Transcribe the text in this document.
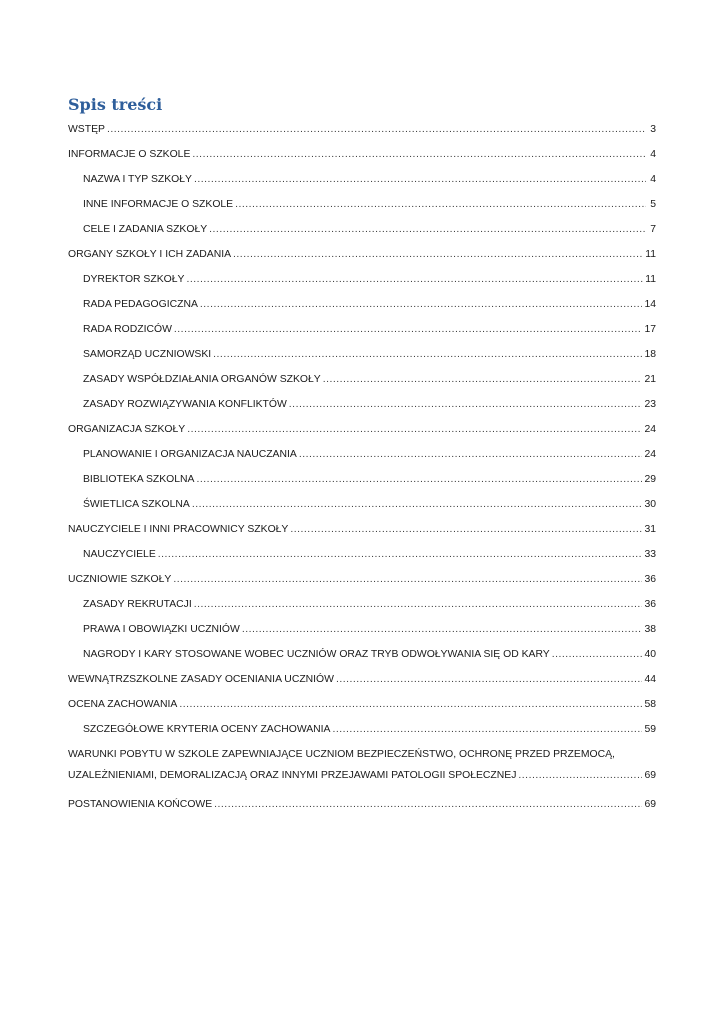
Spis treści
WSTĘP .....	3
INFORMACJE O SZKOLE .....	4
NAZWA I TYP SZKOŁY .....	4
INNE INFORMACJE O SZKOLE .....	5
CELE I ZADANIA SZKOŁY .....	7
ORGANY SZKOŁY I ICH ZADANIA .....	11
DYREKTOR SZKOŁY .....	11
RADA PEDAGOGICZNA .....	14
RADA RODZICÓW .....	17
SAMORZĄD UCZNIOWSKI .....	18
ZASADY WSPÓŁDZIAŁANIA ORGANÓW SZKOŁY .....	21
ZASADY ROZWIĄZYWANIA KONFLIKTÓW .....	23
ORGANIZACJA SZKOŁY .....	24
PLANOWANIE I ORGANIZACJA NAUCZANIA .....	24
BIBLIOTEKA SZKOLNA .....	29
ŚWIETLICA SZKOLNA .....	30
NAUCZYCIELE I INNI PRACOWNICY SZKOŁY .....	31
NAUCZYCIELE .....	33
UCZNIOWIE SZKOŁY .....	36
ZASADY REKRUTACJI .....	36
PRAWA I OBOWIĄZKI UCZNIÓW .....	38
NAGRODY I KARY STOSOWANE WOBEC UCZNIÓW ORAZ TRYB ODWOŁYWANIA SIĘ OD KARY .....	40
WEWNĄTRZSZKOLNE ZASADY OCENIANIA UCZNIÓW .....	44
OCENA ZACHOWANIA .....	58
SZCZEGÓŁOWE KRYTERIA OCENY ZACHOWANIA .....	59
WARUNKI POBYTU W SZKOLE ZAPEWNIAJĄCE UCZNIOM BEZPIECZEŃSTWO, OCHRONĘ PRZED PRZEMOCĄ,
UZALEŻNIENIAMI, DEMORALIZACJĄ ORAZ INNYMI PRZEJAWAMI PATOLOGII SPOŁECZNEJ .....	69
POSTANOWIENIA KOŃCOWE .....	69
